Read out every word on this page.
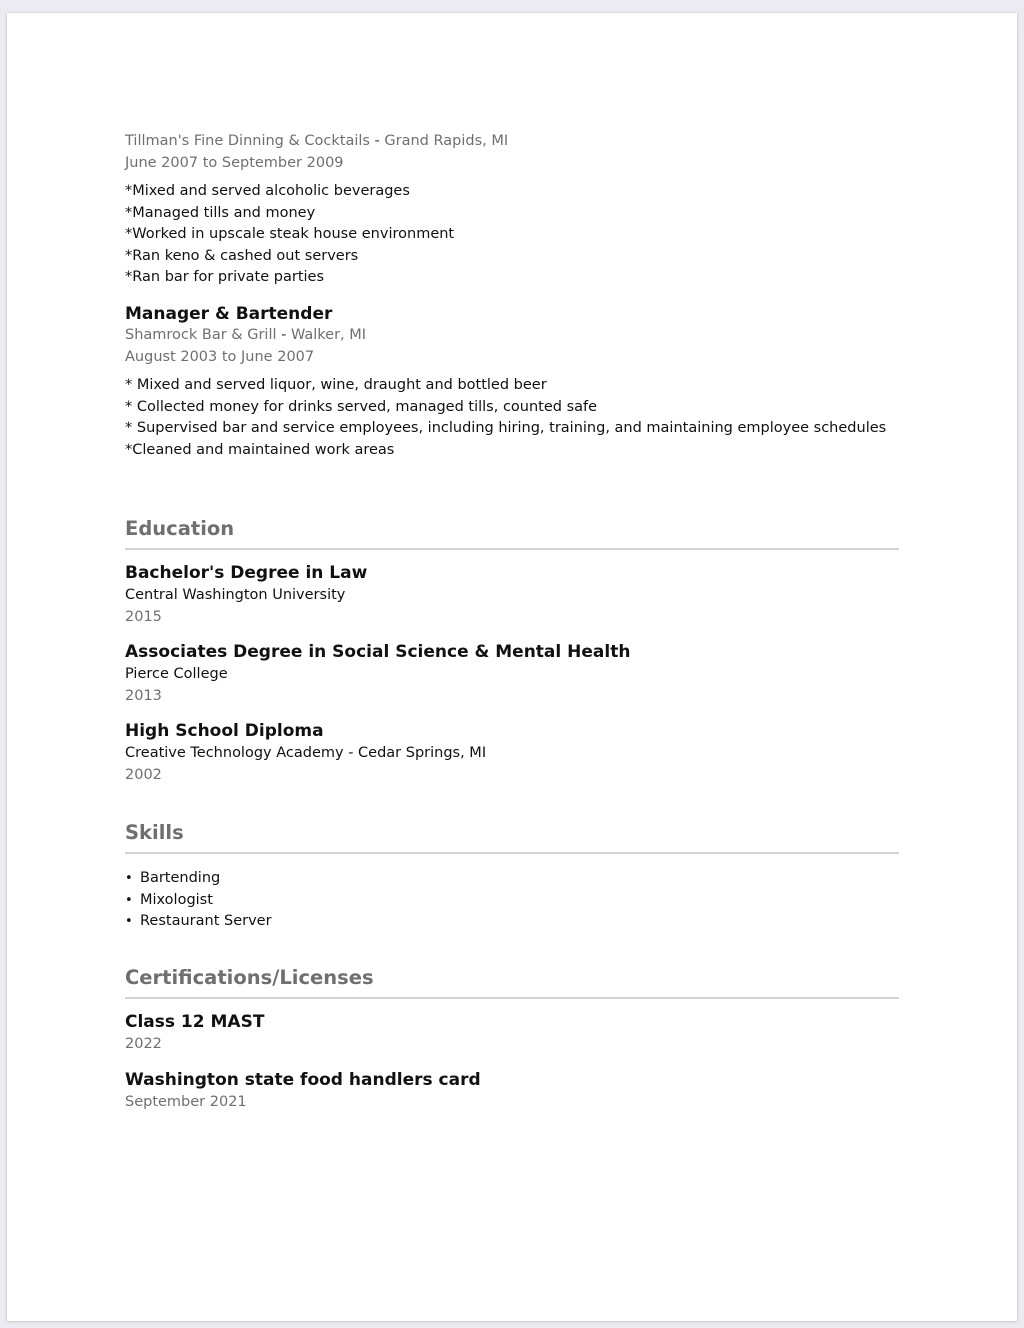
Tillman's Fine Dinning & Cocktails - Grand Rapids, MI

June 2007 to September 2009

*Mixed and served alcoholic beverages
*Managed tills and money
*Worked in upscale steak house environment
*Ran keno & cashed out servers
*Ran bar for private parties

Manager & Bartender

Shamrock Bar & Grill - Walker, MI

August 2003 to June 2007

* Mixed and served liquor, wine, draught and bottled beer
* Collected money for drinks served, managed tills, counted safe
* Supervised bar and service employees, including hiring, training, and maintaining employee schedules
*Cleaned and maintained work areas
Education

Bachelor's Degree in Law

Central Washington University

2015

Associates Degree in Social Science & Mental Health

Pierce College

2013

High School Diploma

Creative Technology Academy - Cedar Springs, MI

2002

Skills
• Bartending
• Mixologist
• Restaurant Server
Certifications/Licenses

Class 12 MAST

2022

Washington state food handlers card

September 2021
